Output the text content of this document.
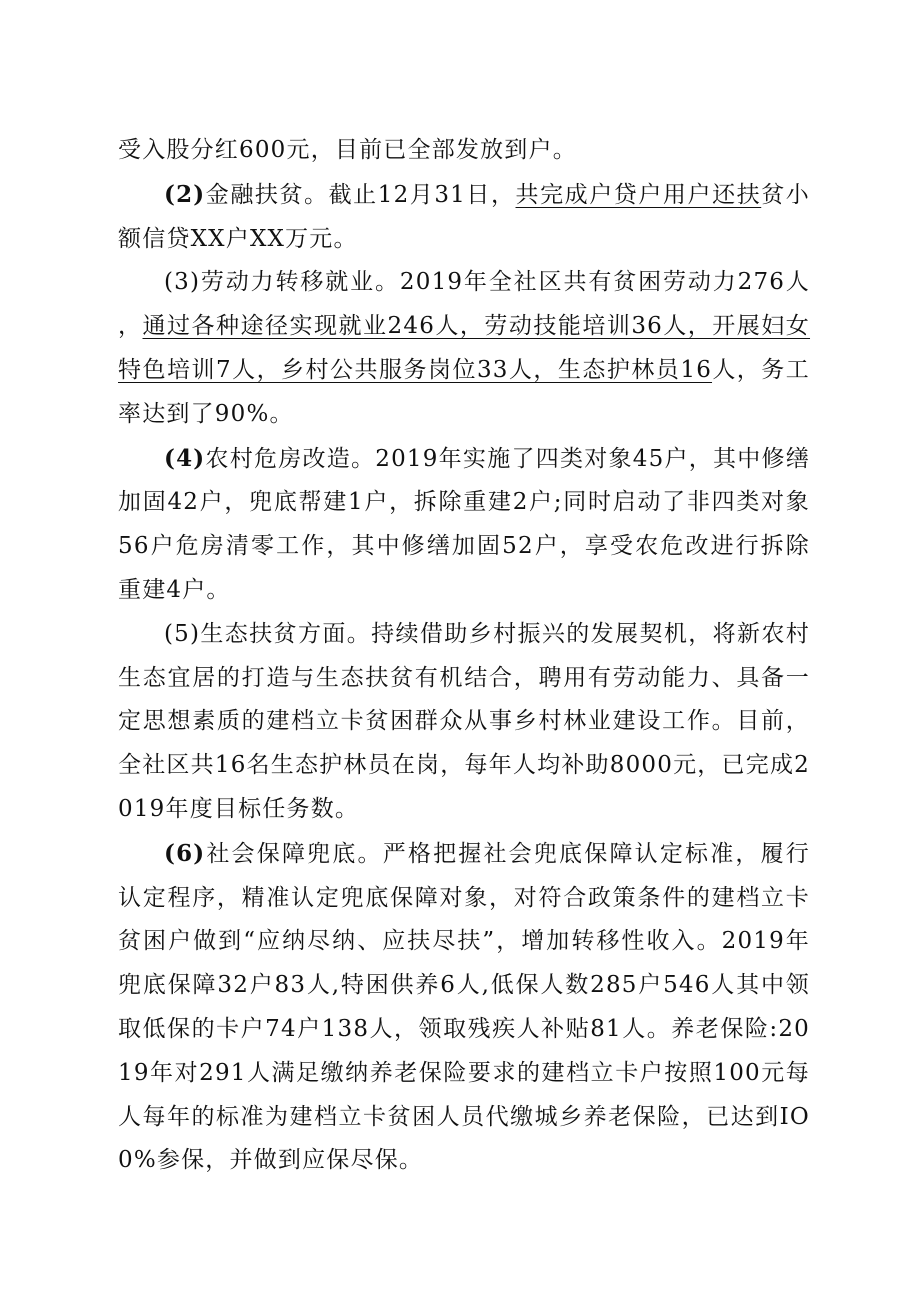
受入股分红600元，目前已全部发放到户。

(2)金融扶贫。截止12月31日，共完成户贷户用户还扶贫小额信贷XX户XX万元。

(3)劳动力转移就业。2019年全社区共有贫困劳动力276人，通过各种途径实现就业246人，劳动技能培训36人，开展妇女特色培训7人，乡村公共服务岗位33人，生态护林员16人，务工率达到了90%。

(4)农村危房改造。2019年实施了四类对象45户，其中修缮加固42户，兜底帮建1户，拆除重建2户;同时启动了非四类对象56户危房清零工作，其中修缮加固52户，享受农危改进行拆除重建4户。

(5)生态扶贫方面。持续借助乡村振兴的发展契机，将新农村生态宜居的打造与生态扶贫有机结合，聘用有劳动能力、具备一定思想素质的建档立卡贫困群众从事乡村林业建设工作。目前，全社区共16名生态护林员在岗，每年人均补助8000元，已完成2019年度目标任务数。

(6)社会保障兜底。严格把握社会兜底保障认定标准，履行认定程序，精准认定兜底保障对象，对符合政策条件的建档立卡贫困户做到“应纳尽纳、应扶尽扶”，增加转移性收入。2019年兜底保障32户83人,特困供养6人,低保人数285户546人其中领取低保的卡户74户138人，领取残疾人补贴81人。养老保险:2019年对291人满足缴纳养老保险要求的建档立卡户按照100元每人每年的标准为建档立卡贫困人员代缴城乡养老保险，已达到IO0%参保，并做到应保尽保。
